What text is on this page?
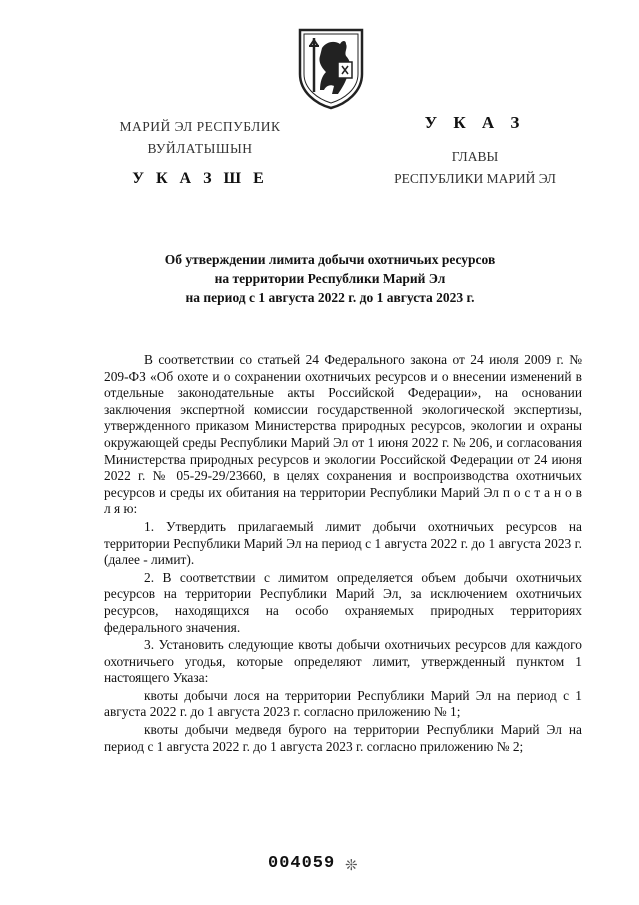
МАРИЙ ЭЛ РЕСПУБЛИК
ВУЙЛАТЫШЫН
У К А З Ш Е
У К А З
ГЛАВЫ
РЕСПУБЛИКИ МАРИЙ ЭЛ
Об утверждении лимита добычи охотничьих ресурсов
на территории Республики Марий Эл
на период с 1 августа 2022 г. до 1 августа 2023 г.

В соответствии со статьей 24 Федерального закона от 24 июля 2009 г. № 209-ФЗ «Об охоте и о сохранении охотничьих ресурсов и о внесении изменений в отдельные законодательные акты Российской Федерации», на основании заключения экспертной комиссии государственной экологической экспертизы, утвержденного приказом Министерства природных ресурсов, экологии и охраны окружающей среды Республики Марий Эл от 1 июня 2022 г. № 206, и согласования Министерства природных ресурсов и экологии Российской Федерации от 24 июня 2022 г. № 05-29-29/23660, в целях сохранения и воспроизводства охотничьих ресурсов и среды их обитания на территории Республики Марий Эл п о с т а н о в л я ю:

1. Утвердить прилагаемый лимит добычи охотничьих ресурсов на территории Республики Марий Эл на период с 1 августа 2022 г. до 1 августа 2023 г. (далее - лимит).

2. В соответствии с лимитом определяется объем добычи охотничьих ресурсов на территории Республики Марий Эл, за исключением охотничьих ресурсов, находящихся на особо охраняемых природных территориях федерального значения.

3. Установить следующие квоты добычи охотничьих ресурсов для каждого охотничьего угодья, которые определяют лимит, утвержденный пунктом 1 настоящего Указа:

квоты добычи лося на территории Республики Марий Эл на период с 1 августа 2022 г. до 1 августа 2023 г. согласно приложению № 1;

квоты добычи медведя бурого на территории Республики Марий Эл на период с 1 августа 2022 г. до 1 августа 2023 г. согласно приложению № 2;

004059 ❊
